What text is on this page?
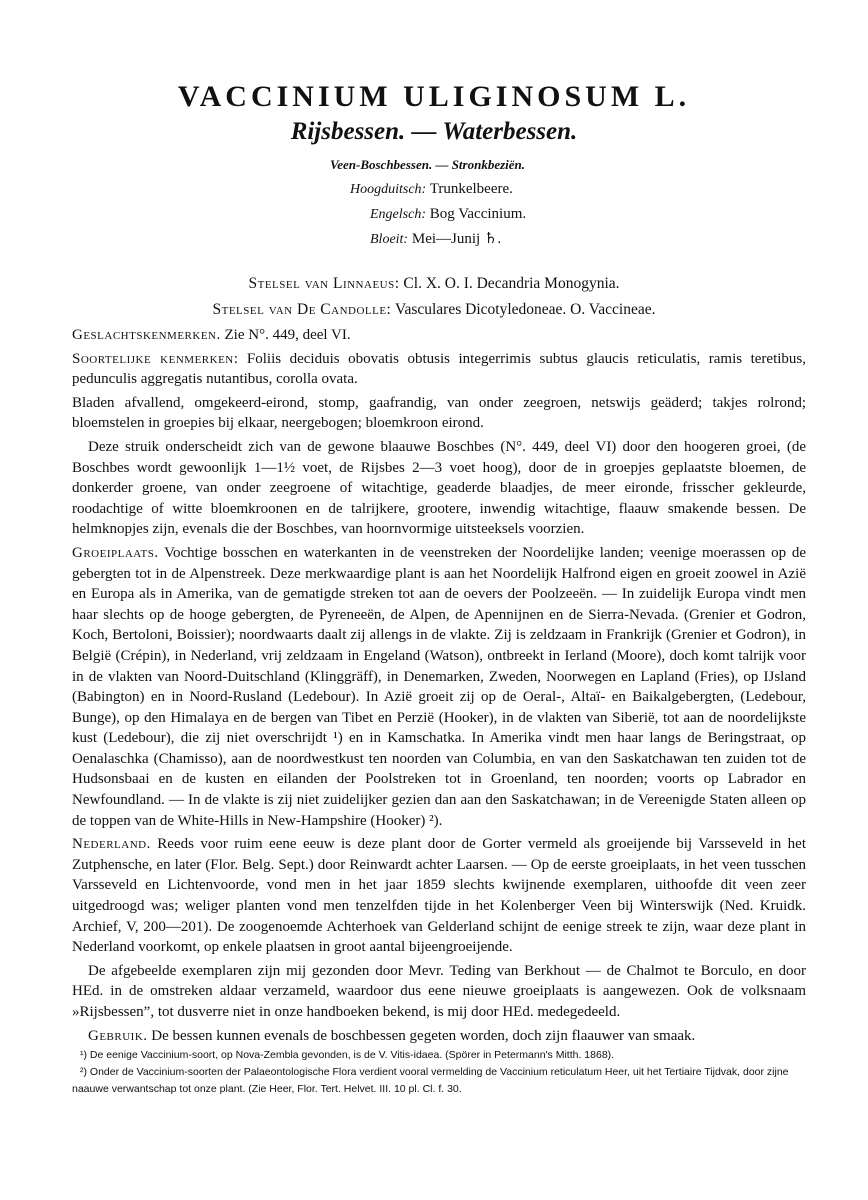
VACCINIUM ULIGINOSUM L.
Rijsbessen. — Waterbessen.
Veen-Boschbessen. — Stronkbeziën.
Hoogduitsch: Trunkelbeere.
Engelsch: Bog Vaccinium.
Bloeit: Mei—Junij ♄.
Stelsel van Linnaeus: Cl. X. O. I. Decandria Monogynia.
Stelsel van De Candolle: Vasculares Dicotyledoneae. O. Vaccineae.

Geslachtskenmerken. Zie N°. 449, deel VI.

Soortelijke kenmerken: Foliis deciduis obovatis obtusis integerrimis subtus glaucis reticulatis, ramis teretibus, pedunculis aggregatis nutantibus, corolla ovata.

Bladen afvallend, omgekeerd-eirond, stomp, gaafrandig, van onder zeegroen, netswijs geäderd; takjes rolrond; bloemstelen in groepies bij elkaar, neergebogen; bloemkroon eirond.

Deze struik onderscheidt zich van de gewone blaauwe Boschbes (N°. 449, deel VI) door den hoogeren groei, (de Boschbes wordt gewoonlijk 1—1½ voet, de Rijsbes 2—3 voet hoog), door de in groepjes geplaatste bloemen, de donkerder groene, van onder zeegroene of witachtige, geaderde blaadjes, de meer eironde, frisscher gekleurde, roodachtige of witte bloemkroonen en de talrijkere, grootere, inwendig witachtige, flaauw smakende bessen. De helmknopjes zijn, evenals die der Boschbes, van hoornvormige uitsteeksels voorzien.

Groeiplaats. Vochtige bosschen en waterkanten in de veenstreken der Noordelijke landen; veenige moerassen op de gebergten tot in de Alpenstreek. Deze merkwaardige plant is aan het Noordelijk Halfrond eigen en groeit zoowel in Azië en Europa als in Amerika, van de gematigde streken tot aan de oevers der Poolzeeën. — In zuidelijk Europa vindt men haar slechts op de hooge gebergten, de Pyreneeën, de Alpen, de Apennijnen en de Sierra-Nevada. (Grenier et Godron, Koch, Bertoloni, Boissier); noordwaarts daalt zij allengs in de vlakte. Zij is zeldzaam in Frankrijk (Grenier et Godron), in België (Crépin), in Nederland, vrij zeldzaam in Engeland (Watson), ontbreekt in Ierland (Moore), doch komt talrijk voor in de vlakten van Noord-Duitschland (Klinggräff), in Denemarken, Zweden, Noorwegen en Lapland (Fries), op IJsland (Babington) en in Noord-Rusland (Ledebour). In Azië groeit zij op de Oeral-, Altaï- en Baikalgebergten, (Ledebour, Bunge), op den Himalaya en de bergen van Tibet en Perzië (Hooker), in de vlakten van Siberië, tot aan de noordelijkste kust (Ledebour), die zij niet overschrijdt ¹) en in Kamschatka. In Amerika vindt men haar langs de Beringstraat, op Oenalaschka (Chamisso), aan de noordwestkust ten noorden van Columbia, en van den Saskatchawan ten zuiden tot de Hudsonsbaai en de kusten en eilanden der Poolstreken tot in Groenland, ten noorden; voorts op Labrador en Newfoundland. — In de vlakte is zij niet zuidelijker gezien dan aan den Saskatchawan; in de Vereenigde Staten alleen op de toppen van de White-Hills in New-Hampshire (Hooker) ²).

Nederland. Reeds voor ruim eene eeuw is deze plant door de Gorter vermeld als groeijende bij Varsseveld in het Zutphensche, en later (Flor. Belg. Sept.) door Reinwardt achter Laarsen. — Op de eerste groeiplaats, in het veen tusschen Varsseveld en Lichtenvoorde, vond men in het jaar 1859 slechts kwijnende exemplaren, uithoofde dit veen zeer uitgedroogd was; weliger planten vond men tenzelfden tijde in het Kolenberger Veen bij Winterswijk (Ned. Kruidk. Archief, V, 200—201). De zoogenoemde Achterhoek van Gelderland schijnt de eenige streek te zijn, waar deze plant in Nederland voorkomt, op enkele plaatsen in groot aantal bijeengroeijende.

De afgebeelde exemplaren zijn mij gezonden door Mevr. Teding van Berkhout — de Chalmot te Borculo, en door HEd. in de omstreken aldaar verzameld, waardoor dus eene nieuwe groeiplaats is aangewezen. Ook de volksnaam »Rijsbessen”, tot dusverre niet in onze handboeken bekend, is mij door HEd. medegedeeld.

Gebruik. De bessen kunnen evenals de boschbessen gegeten worden, doch zijn flaauwer van smaak.

¹) De eenige Vaccinium-soort, op Nova-Zembla gevonden, is de V. Vitis-idaea. (Spörer in Petermann's Mitth. 1868).

²) Onder de Vaccinium-soorten der Palaeontologische Flora verdient vooral vermelding de Vaccinium reticulatum Heer, uit het Tertiaire Tijdvak, door zijne naauwe verwantschap tot onze plant. (Zie Heer, Flor. Tert. Helvet. III. 10 pl. Cl. f. 30.
